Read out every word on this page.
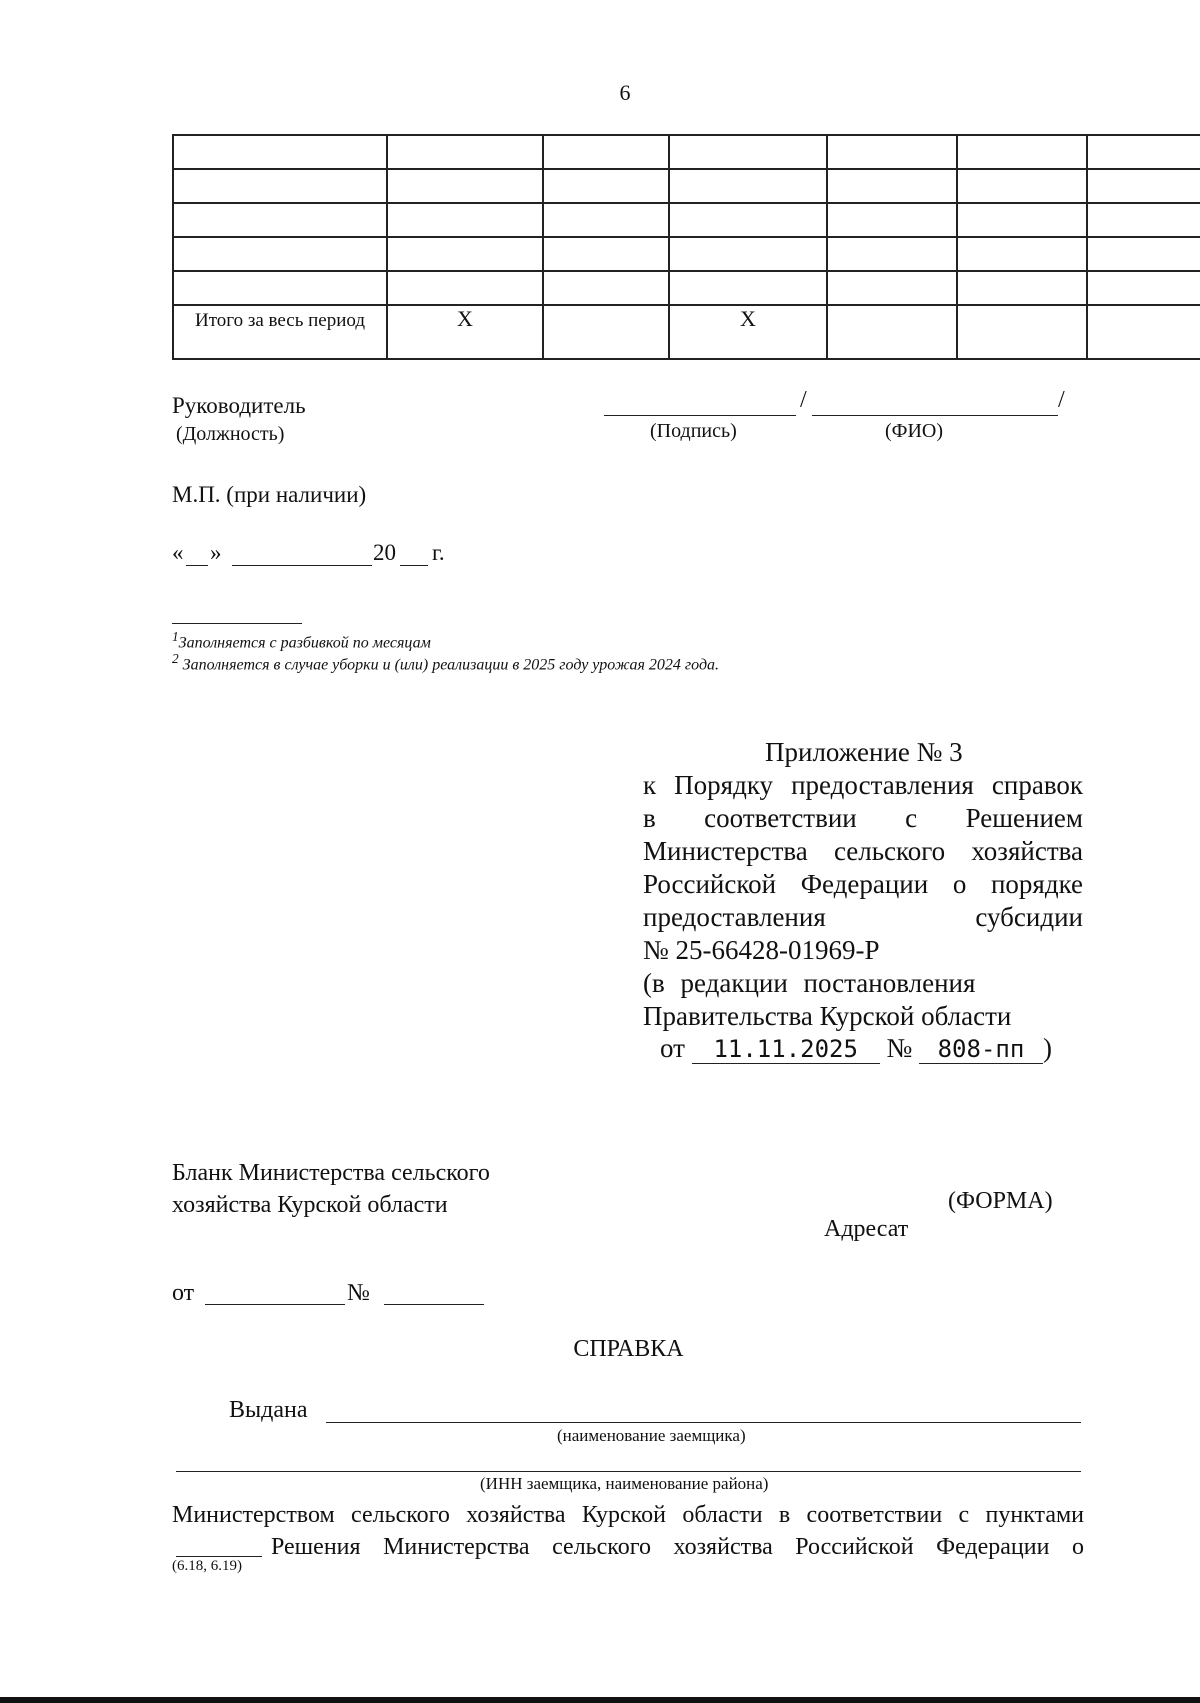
6

Итого за весь период	X		X			

Руководитель
(Должность)
/	/
(Подпись)	(ФИО)
М.П. (при наличии)
« »	20 г.
$^1$Заполняется с разбивкой по месяцам
$^2$ Заполняется в случае уборки и (или) реализации в 2025 году урожая 2024 года.
Приложение № 3
к Порядку предоставления справок
в соответствии с Решением
Министерства сельского хозяйства
Российской Федерации о порядке
предоставления субсидии
№ 25-66428-01969-Р
(в редакции постановления
Правительства Курской области
от 11.11.2025 № 808-пп )
Бланк Министерства сельского
хозяйства Курской области	(ФОРМА)
Адресат
от	№
СПРАВКА
Выдана
(наименование заемщика)
(ИНН заемщика, наименование района)
Министерством сельского хозяйства Курской области в соответствии с пунктами
Решения Министерства сельского хозяйства Российской Федерации о
(6.18, 6.19)
